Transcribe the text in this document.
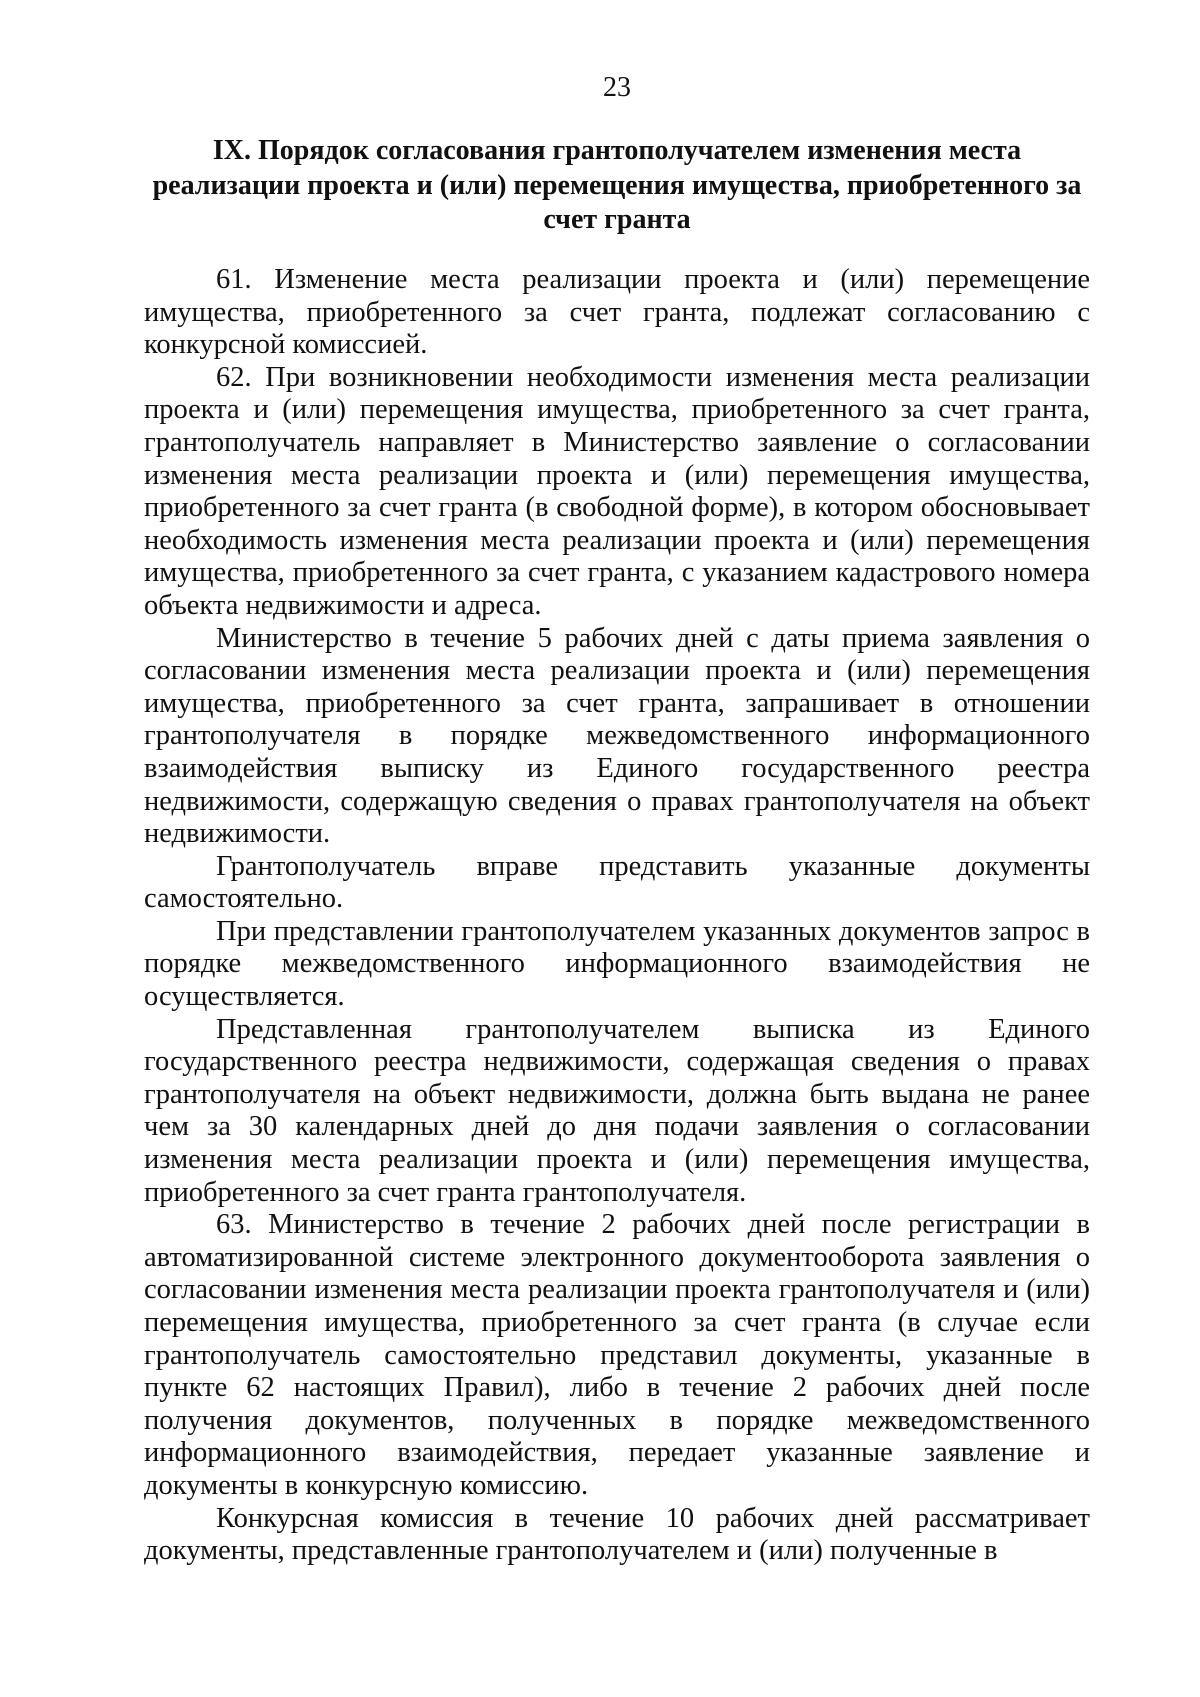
23
IX. Порядок согласования грантополучателем изменения места
реализации проекта и (или) перемещения имущества, приобретенного за
счет гранта

61. Изменение места реализации проекта и (или) перемещение имущества, приобретенного за счет гранта, подлежат согласованию с конкурсной комиссией.

62. При возникновении необходимости изменения места реализации проекта и (или) перемещения имущества, приобретенного за счет гранта, грантополучатель направляет в Министерство заявление о согласовании изменения места реализации проекта и (или) перемещения имущества, приобретенного за счет гранта (в свободной форме), в котором обосновывает необходимость изменения места реализации проекта и (или) перемещения имущества, приобретенного за счет гранта, с указанием кадастрового номера объекта недвижимости и адреса.

Министерство в течение 5 рабочих дней с даты приема заявления о согласовании изменения места реализации проекта и (или) перемещения имущества, приобретенного за счет гранта, запрашивает в отношении грантополучателя в порядке межведомственного информационного взаимодействия выписку из Единого государственного реестра недвижимости, содержащую сведения о правах грантополучателя на объект недвижимости.

Грантополучатель вправе представить указанные документы самостоятельно.

При представлении грантополучателем указанных документов запрос в порядке межведомственного информационного взаимодействия не осуществляется.

Представленная грантополучателем выписка из Единого государственного реестра недвижимости, содержащая сведения о правах грантополучателя на объект недвижимости, должна быть выдана не ранее чем за 30 календарных дней до дня подачи заявления о согласовании изменения места реализации проекта и (или) перемещения имущества, приобретенного за счет гранта грантополучателя.

63. Министерство в течение 2 рабочих дней после регистрации в автоматизированной системе электронного документооборота заявления о согласовании изменения места реализации проекта грантополучателя и (или) перемещения имущества, приобретенного за счет гранта (в случае если грантополучатель самостоятельно представил документы, указанные в пункте 62 настоящих Правил), либо в течение 2 рабочих дней после получения документов, полученных в порядке межведомственного информационного взаимодействия, передает указанные заявление и документы в конкурсную комиссию.

Конкурсная комиссия в течение 10 рабочих дней рассматривает документы, представленные грантополучателем и (или) полученные в
